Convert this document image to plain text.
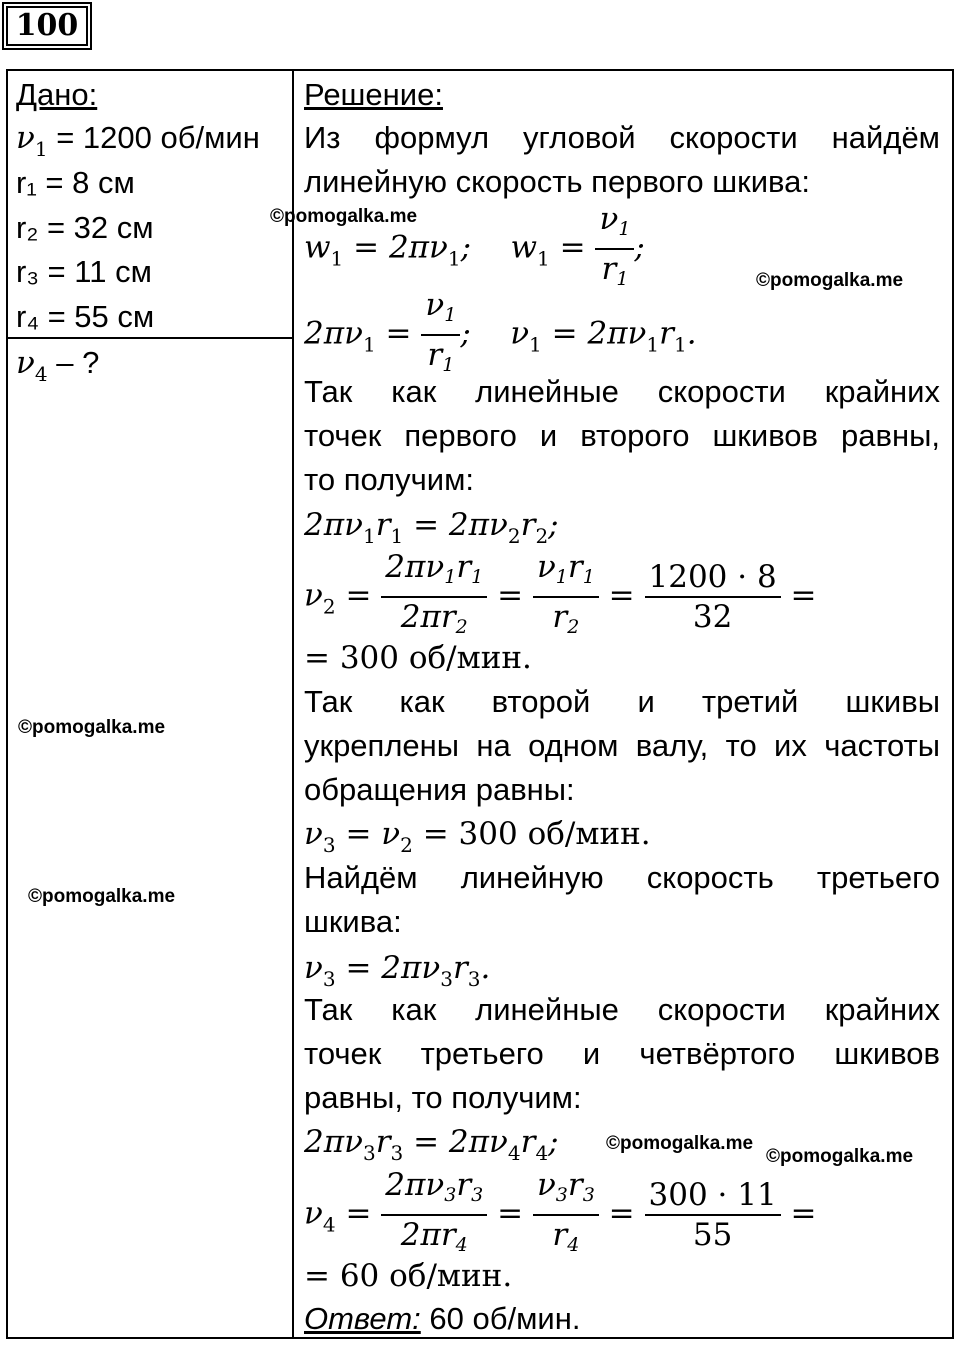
100
Дано:
$\nu_1 = 1200$ об/мин
r₁ = 8 см
r₂ = 32 см
r₃ = 11 см
r₄ = 55 см
$\nu_4$ – ?
Решение:
Из формул угловой скорости найдём
линейную скорость первого шкива:
$w_1 = 2\pi\nu_1$;    $w_1 = \frac{\nu 1}{r1}$ ;
$2\pi\nu_1 = \frac{\nu 1}{r1}$ ;    $\nu_1 = 2\pi\nu_1r_1$.
Так как линейные скорости крайних
точек первого и второго шкивов равны,
то получим:
$2\pi\nu_1r_1 = 2\pi\nu_2r_2$;
$\nu_2 = \frac{2\pi\nu 1r1}{2\pi r2} = \frac{\nu 1r1}{r2} = \frac{1200 \cdot 8}{32}$ =
= 300 об/мин.
Так как второй и третий шкивы
укреплены на одном валу, то их частоты
обращения равны:
$\nu_3 = \nu_2 = 300$ об/мин.
Найдём линейную скорость третьего
шкива:
$\nu_3 = 2\pi\nu_3r_3$.
Так как линейные скорости крайних
точек третьего и четвёртого шкивов
равны, то получим:
$2\pi\nu_3r_3 = 2\pi\nu_4r_4$;
$\nu_4 = \frac{2\pi\nu 3r3}{2\pi r4} = \frac{\nu 3r3}{r4} = \frac{300 \cdot 11}{55}$ =
= 60 об/мин.
Ответ: 60 об/мин.
©pomogalka.me
©pomogalka.me
©pomogalka.me
©pomogalka.me
©pomogalka.me
©pomogalka.me
